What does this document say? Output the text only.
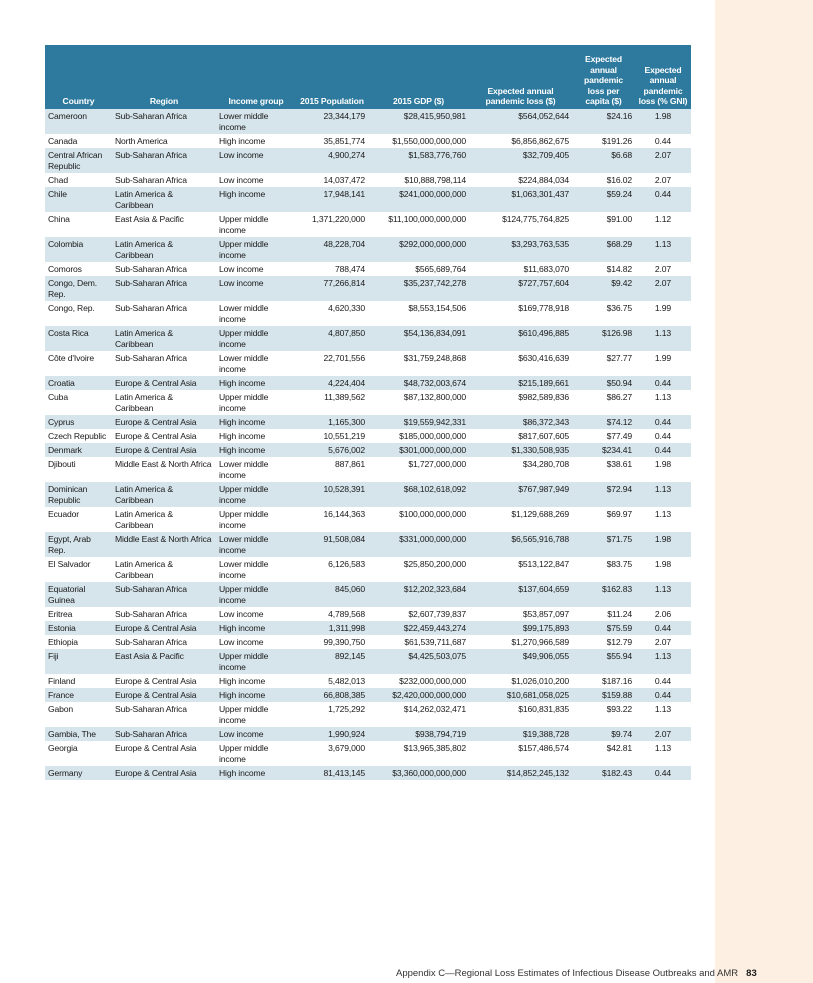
Country	Region	Income group	2015 Population	2015 GDP ($)	Expected annual pandemic loss ($)	Expected annual pandemic loss per capita ($)	Expected annual pandemic loss (% GNI)
Cameroon	Sub-Saharan Africa	Lower middle income	23,344,179	$28,415,950,981	$564,052,644	$24.16	1.98
Canada	North America	High income	35,851,774	$1,550,000,000,000	$6,856,862,675	$191.26	0.44
Central African Republic	Sub-Saharan Africa	Low income	4,900,274	$1,583,776,760	$32,709,405	$6.68	2.07
Chad	Sub-Saharan Africa	Low income	14,037,472	$10,888,798,114	$224,884,034	$16.02	2.07
Chile	Latin America & Caribbean	High income	17,948,141	$241,000,000,000	$1,063,301,437	$59.24	0.44
China	East Asia & Pacific	Upper middle income	1,371,220,000	$11,100,000,000,000	$124,775,764,825	$91.00	1.12
Colombia	Latin America & Caribbean	Upper middle income	48,228,704	$292,000,000,000	$3,293,763,535	$68.29	1.13
Comoros	Sub-Saharan Africa	Low income	788,474	$565,689,764	$11,683,070	$14.82	2.07
Congo, Dem. Rep.	Sub-Saharan Africa	Low income	77,266,814	$35,237,742,278	$727,757,604	$9.42	2.07
Congo, Rep.	Sub-Saharan Africa	Lower middle income	4,620,330	$8,553,154,506	$169,778,918	$36.75	1.99
Costa Rica	Latin America & Caribbean	Upper middle income	4,807,850	$54,136,834,091	$610,496,885	$126.98	1.13
Côte d'Ivoire	Sub-Saharan Africa	Lower middle income	22,701,556	$31,759,248,868	$630,416,639	$27.77	1.99
Croatia	Europe & Central Asia	High income	4,224,404	$48,732,003,674	$215,189,661	$50.94	0.44
Cuba	Latin America & Caribbean	Upper middle income	11,389,562	$87,132,800,000	$982,589,836	$86.27	1.13
Cyprus	Europe & Central Asia	High income	1,165,300	$19,559,942,331	$86,372,343	$74.12	0.44
Czech Republic	Europe & Central Asia	High income	10,551,219	$185,000,000,000	$817,607,605	$77.49	0.44
Denmark	Europe & Central Asia	High income	5,676,002	$301,000,000,000	$1,330,508,935	$234.41	0.44
Djibouti	Middle East & North Africa	Lower middle income	887,861	$1,727,000,000	$34,280,708	$38.61	1.98
Dominican Republic	Latin America & Caribbean	Upper middle income	10,528,391	$68,102,618,092	$767,987,949	$72.94	1.13
Ecuador	Latin America & Caribbean	Upper middle income	16,144,363	$100,000,000,000	$1,129,688,269	$69.97	1.13
Egypt, Arab Rep.	Middle East & North Africa	Lower middle income	91,508,084	$331,000,000,000	$6,565,916,788	$71.75	1.98
El Salvador	Latin America & Caribbean	Lower middle income	6,126,583	$25,850,200,000	$513,122,847	$83.75	1.98
Equatorial Guinea	Sub-Saharan Africa	Upper middle income	845,060	$12,202,323,684	$137,604,659	$162.83	1.13
Eritrea	Sub-Saharan Africa	Low income	4,789,568	$2,607,739,837	$53,857,097	$11.24	2.06
Estonia	Europe & Central Asia	High income	1,311,998	$22,459,443,274	$99,175,893	$75.59	0.44
Ethiopia	Sub-Saharan Africa	Low income	99,390,750	$61,539,711,687	$1,270,966,589	$12.79	2.07
Fiji	East Asia & Pacific	Upper middle income	892,145	$4,425,503,075	$49,906,055	$55.94	1.13
Finland	Europe & Central Asia	High income	5,482,013	$232,000,000,000	$1,026,010,200	$187.16	0.44
France	Europe & Central Asia	High income	66,808,385	$2,420,000,000,000	$10,681,058,025	$159.88	0.44
Gabon	Sub-Saharan Africa	Upper middle income	1,725,292	$14,262,032,471	$160,831,835	$93.22	1.13
Gambia, The	Sub-Saharan Africa	Low income	1,990,924	$938,794,719	$19,388,728	$9.74	2.07
Georgia	Europe & Central Asia	Upper middle income	3,679,000	$13,965,385,802	$157,486,574	$42.81	1.13
Germany	Europe & Central Asia	High income	81,413,145	$3,360,000,000,000	$14,852,245,132	$182.43	0.44
Appendix C—Regional Loss Estimates of Infectious Disease Outbreaks and AMR 83
